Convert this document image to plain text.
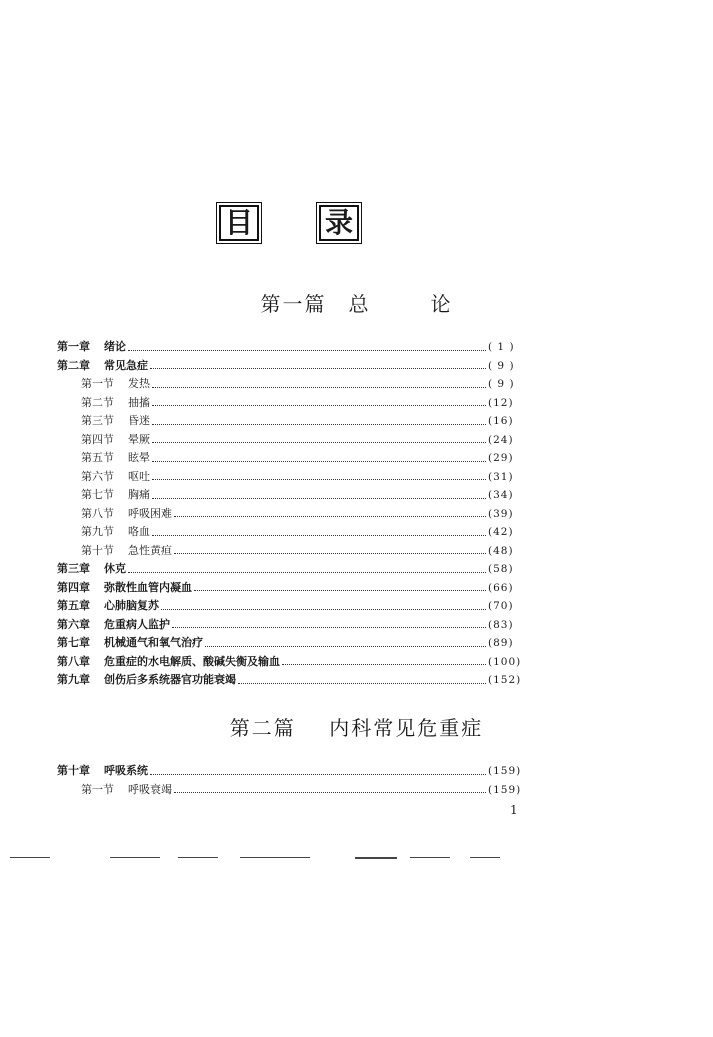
目	录
第一篇 总	论
第一章	绪论	( 1 )
第二章	常见急症	( 9 )
第一节	发热	( 9 )
第二节	抽搐	(12)
第三节	昏迷	(16)
第四节	晕厥	(24)
第五节	眩晕	(29)
第六节	呕吐	(31)
第七节	胸痛	(34)
第八节	呼吸困难	(39)
第九节	咯血	(42)
第十节	急性黄疸	(48)
第三章	休克	(58)
第四章	弥散性血管内凝血	(66)
第五章	心肺脑复苏	(70)
第六章	危重病人监护	(83)
第七章	机械通气和氧气治疗	(89)
第八章	危重症的水电解质、酸碱失衡及输血	(100)
第九章	创伤后多系统器官功能衰竭	(152)
第二篇 内科常见危重症
第十章	呼吸系统	(159)
第一节	呼吸衰竭	(159)
1
